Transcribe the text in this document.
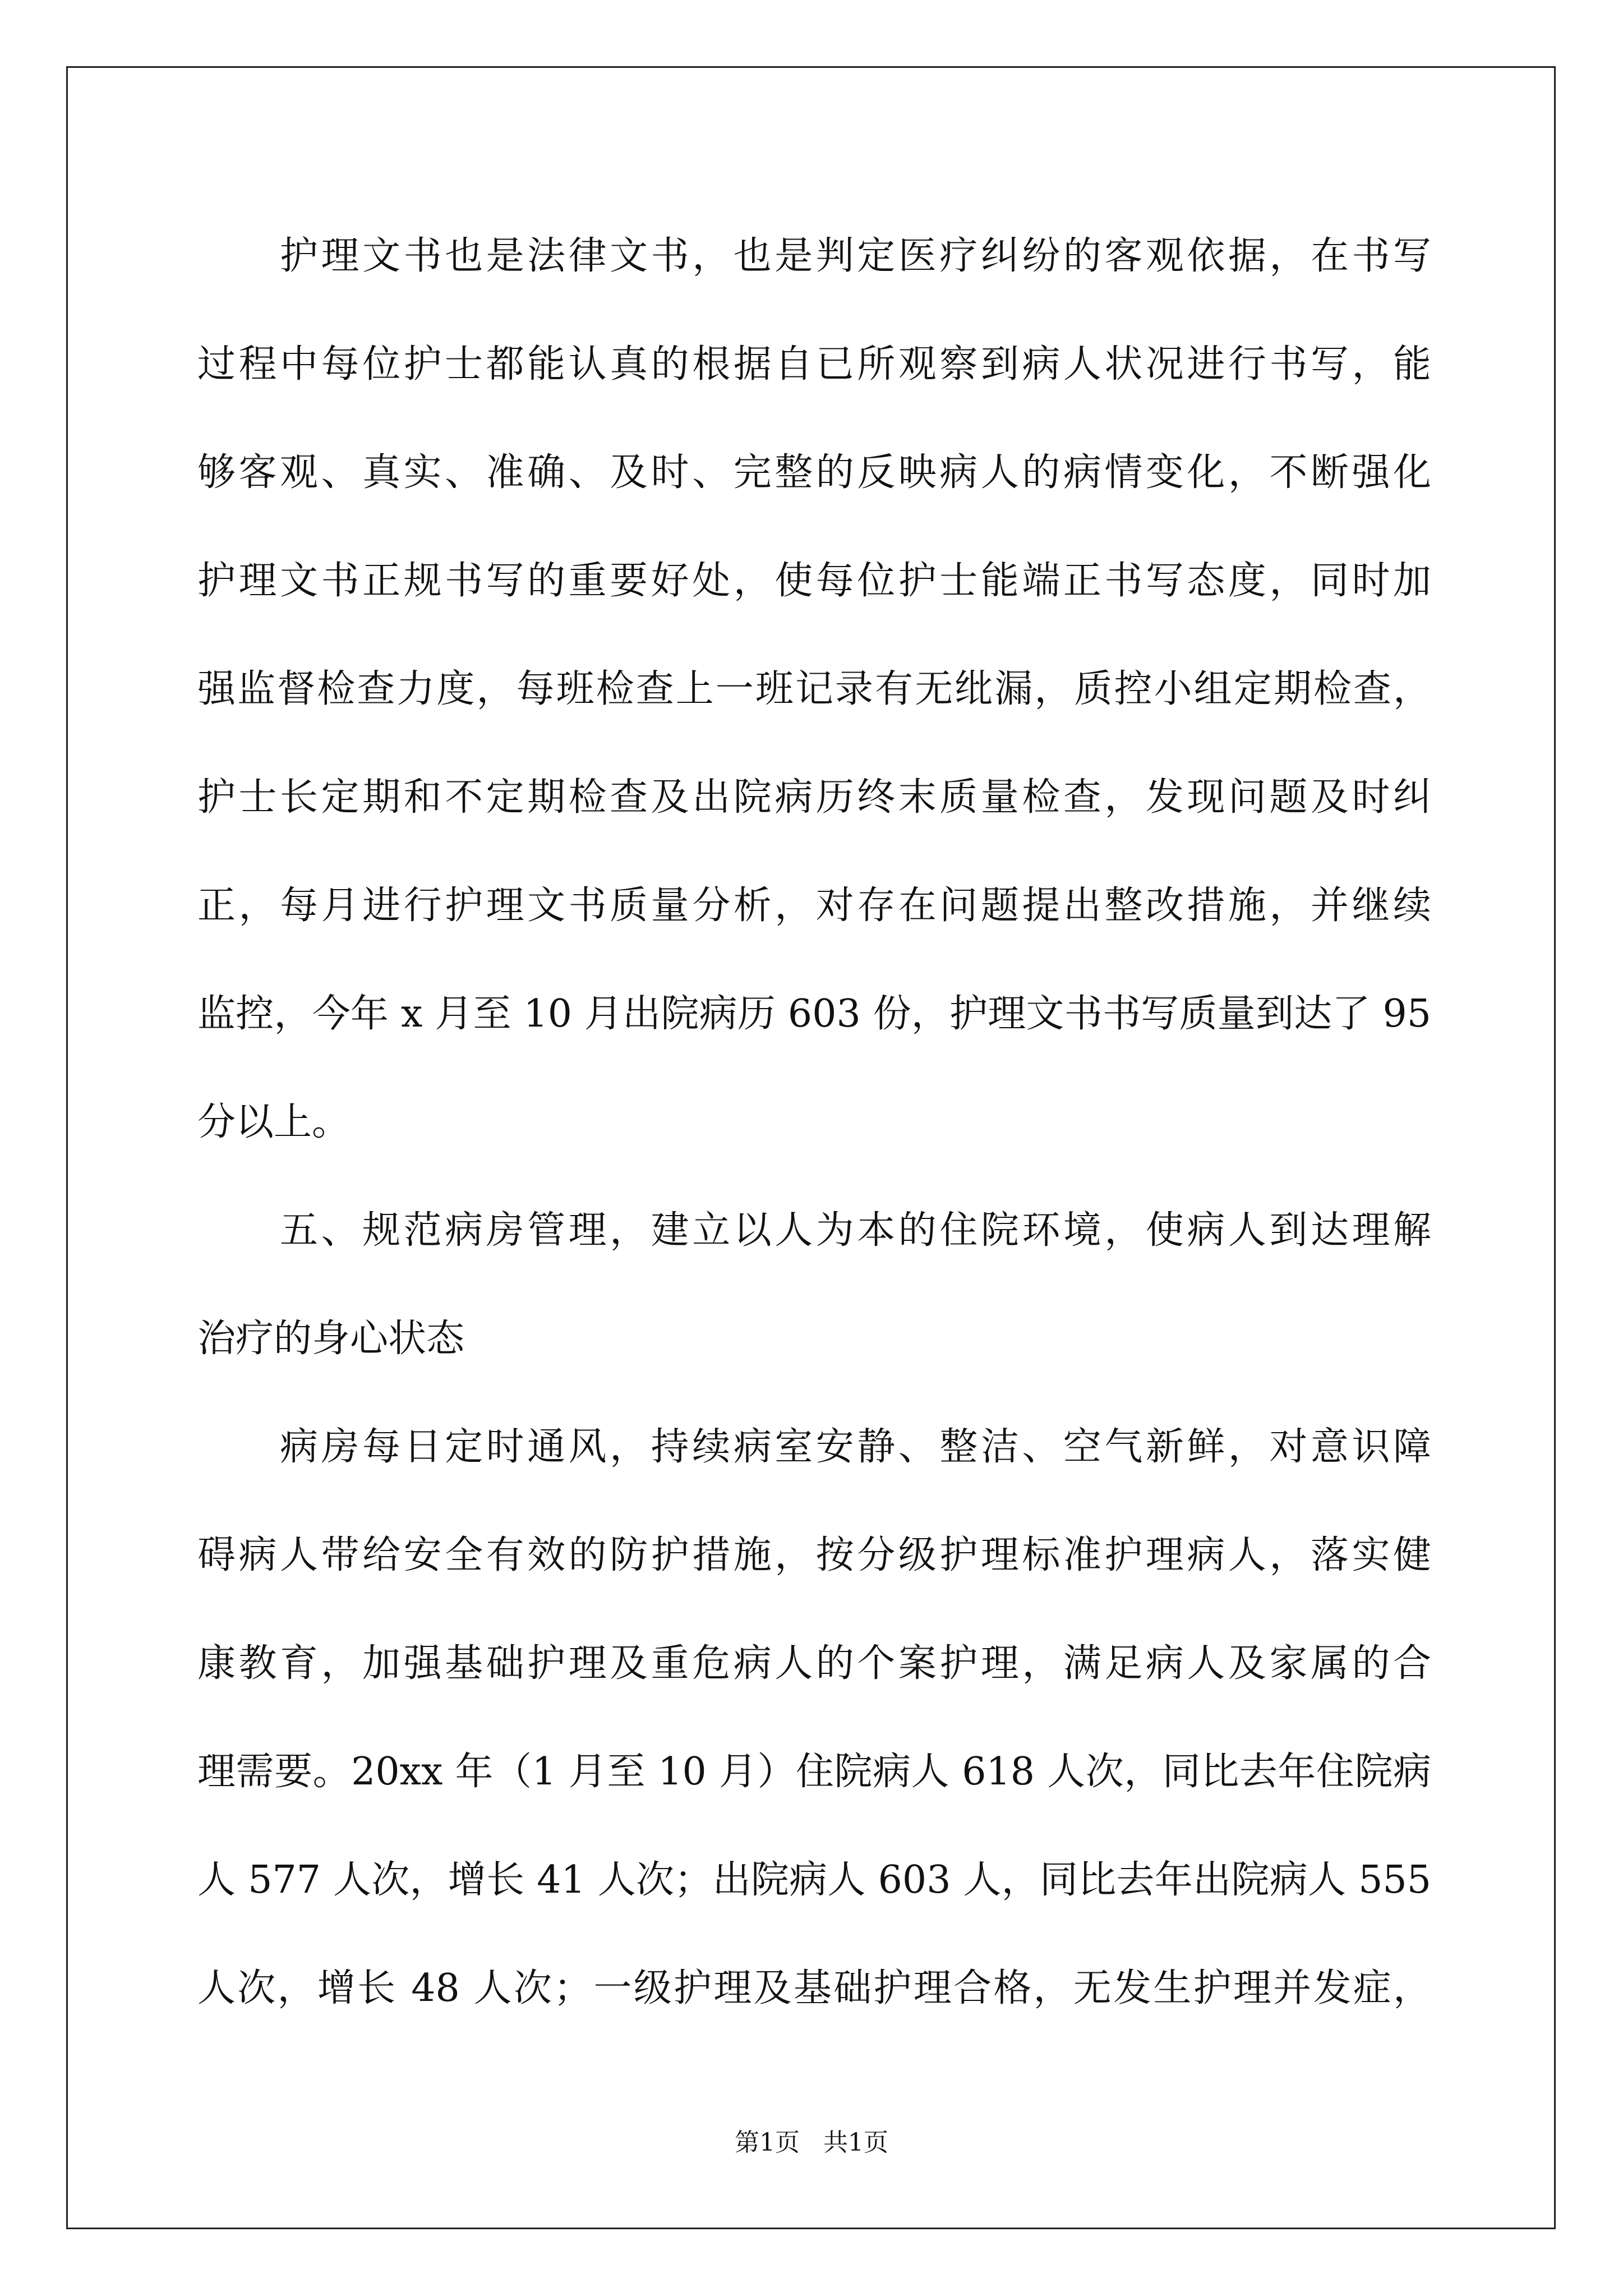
　　护理文书也是法律文书，也是判定医疗纠纷的客观依据，在书写
过程中每位护士都能认真的根据自已所观察到病人状况进行书写，能
够客观、真实、准确、及时、完整的反映病人的病情变化，不断强化
护理文书正规书写的重要好处，使每位护士能端正书写态度，同时加
强监督检查力度，每班检查上一班记录有无纰漏，质控小组定期检查，
护士长定期和不定期检查及出院病历终末质量检查，发现问题及时纠
正，每月进行护理文书质量分析，对存在问题提出整改措施，并继续
监控，今年 x 月至 10 月出院病历 603 份，护理文书书写质量到达了 95
分以上。
　　五、规范病房管理，建立以人为本的住院环境，使病人到达理解
治疗的身心状态
　　病房每日定时通风，持续病室安静、整洁、空气新鲜，对意识障
碍病人带给安全有效的防护措施，按分级护理标准护理病人，落实健
康教育，加强基础护理及重危病人的个案护理，满足病人及家属的合
理需要。20xx 年（1 月至 10 月）住院病人 618 人次，同比去年住院病
人 577 人次，增长 41 人次；出院病人 603 人，同比去年出院病人 555
人次，增长 48 人次；一级护理及基础护理合格，无发生护理并发症，
第1页   共1页
